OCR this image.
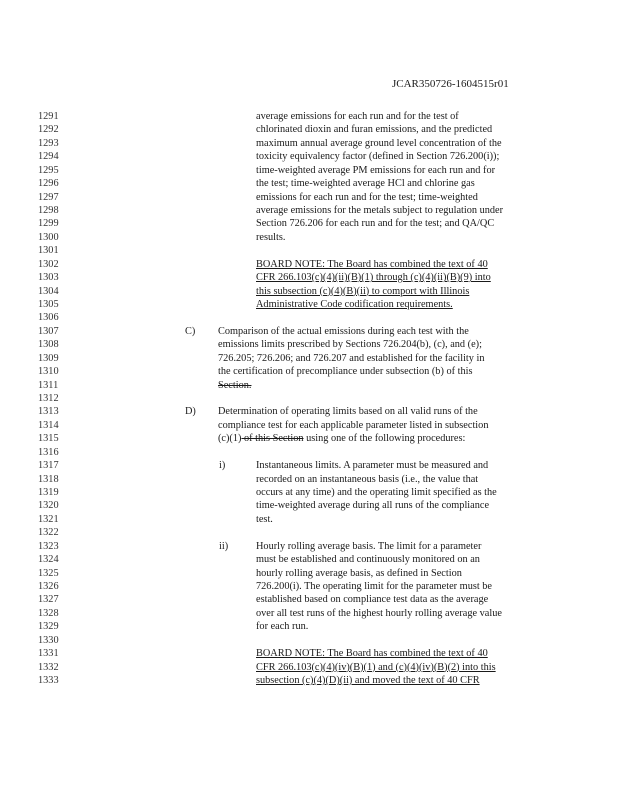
JCAR350726-1604515r01
1291	average emissions for each run and for the test of
1292	chlorinated dioxin and furan emissions, and the predicted
1293	maximum annual average ground level concentration of the
1294	toxicity equivalency factor (defined in Section 726.200(i));
1295	time-weighted average PM emissions for each run and for
1296	the test; time-weighted average HCl and chlorine gas
1297	emissions for each run and for the test; time-weighted
1298	average emissions for the metals subject to regulation under
1299	Section 726.206 for each run and for the test; and QA/QC
1300	results.
1301
1302	BOARD NOTE: The Board has combined the text of 40
1303	CFR 266.103(c)(4)(ii)(B)(1) through (c)(4)(ii)(B)(9) into
1304	this subsection (c)(4)(B)(ii) to comport with Illinois
1305	Administrative Code codification requirements.
1306
1307	C) Comparison of the actual emissions during each test with the
1308	emissions limits prescribed by Sections 726.204(b), (c), and (e);
1309	726.205; 726.206; and 726.207 and established for the facility in
1310	the certification of precompliance under subsection (b) of this
1311	Section.
1312
1313	D) Determination of operating limits based on all valid runs of the
1314	compliance test for each applicable parameter listed in subsection
1315	(c)(1) of this Section using one of the following procedures:
1316
1317	i)	Instantaneous limits. A parameter must be measured and
1318	recorded on an instantaneous basis (i.e., the value that
1319	occurs at any time) and the operating limit specified as the
1320	time-weighted average during all runs of the compliance
1321	test.
1322
1323	ii)	Hourly rolling average basis. The limit for a parameter
1324	must be established and continuously monitored on an
1325	hourly rolling average basis, as defined in Section
1326	726.200(i). The operating limit for the parameter must be
1327	established based on compliance test data as the average
1328	over all test runs of the highest hourly rolling average value
1329	for each run.
1330
1331	BOARD NOTE: The Board has combined the text of 40
1332	CFR 266.103(c)(4)(iv)(B)(1) and (c)(4)(iv)(B)(2) into this
1333	subsection (c)(4)(D)(ii) and moved the text of 40 CFR
